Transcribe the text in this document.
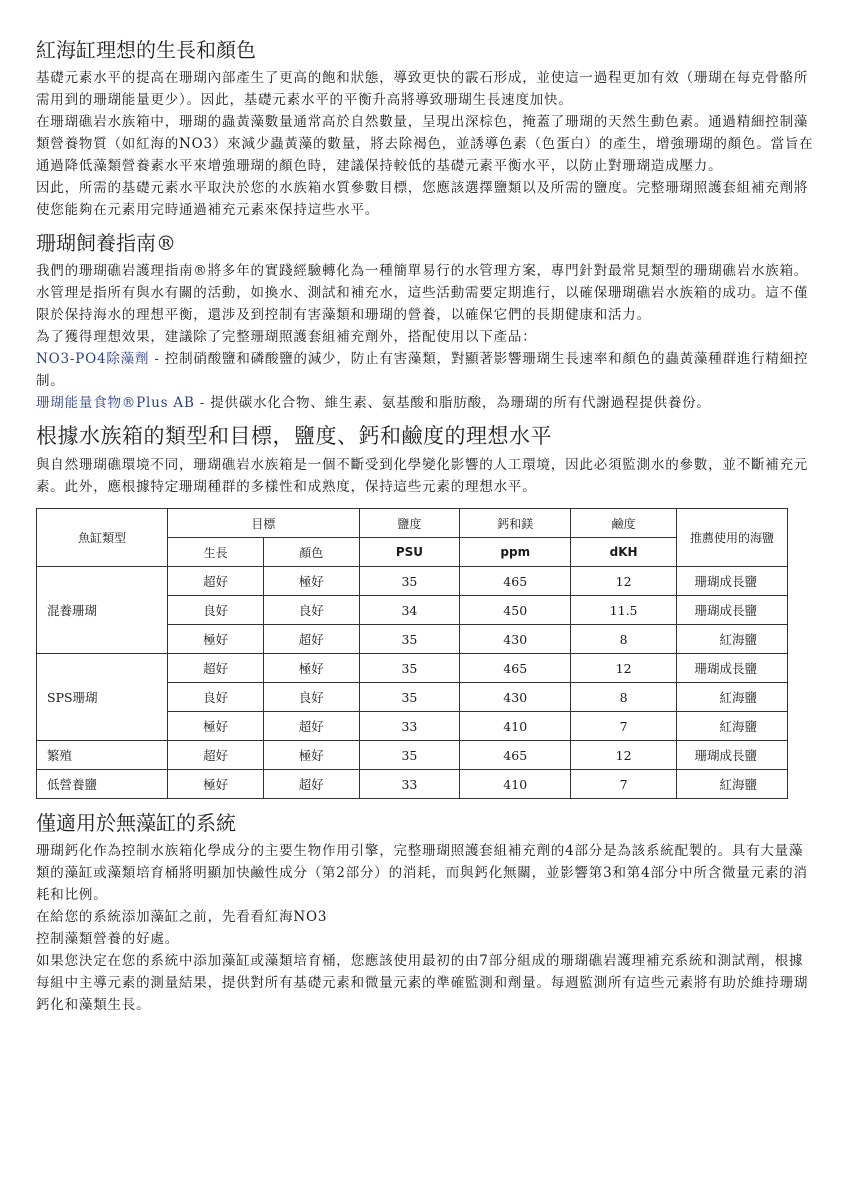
紅海缸理想的生長和顏色

基礎元素水平的提高在珊瑚內部產生了更高的飽和狀態，導致更快的霰石形成，並使這一過程更加有效（珊瑚在每克骨骼所需用到的珊瑚能量更少）。因此，基礎元素水平的平衡升高將導致珊瑚生長速度加快。

在珊瑚礁岩水族箱中，珊瑚的蟲黃藻數量通常高於自然數量，呈現出深棕色，掩蓋了珊瑚的天然生動色素。通過精細控制藻類營養物質（如紅海的NO3）來減少蟲黃藻的數量，將去除褐色，並誘導色素（色蛋白）的產生，增強珊瑚的顏色。當旨在通過降低藻類營養素水平來增強珊瑚的顏色時，建議保持較低的基礎元素平衡水平，以防止對珊瑚造成壓力。

因此，所需的基礎元素水平取決於您的水族箱水質參數目標，您應該選擇鹽類以及所需的鹽度。完整珊瑚照護套組補充劑將使您能夠在元素用完時通過補充元素來保持這些水平。

珊瑚飼養指南®

我們的珊瑚礁岩護理指南®將多年的實踐經驗轉化為一種簡單易行的水管理方案，專門針對最常見類型的珊瑚礁岩水族箱。水管理是指所有與水有關的活動，如換水、測試和補充水，這些活動需要定期進行，以確保珊瑚礁岩水族箱的成功。這不僅限於保持海水的理想平衡，還涉及到控制有害藻類和珊瑚的營養，以確保它們的長期健康和活力。

為了獲得理想效果，建議除了完整珊瑚照護套組補充劑外，搭配使用以下產品：

NO3-PO4除藻劑 - 控制硝酸鹽和磷酸鹽的減少，防止有害藻類，對顯著影響珊瑚生長速率和顏色的蟲黃藻種群進行精細控制。

珊瑚能量食物®Plus AB - 提供碳水化合物、維生素、氨基酸和脂肪酸，為珊瑚的所有代謝過程提供養份。

根據水族箱的類型和目標，鹽度、鈣和鹼度的理想水平

與自然珊瑚礁環境不同，珊瑚礁岩水族箱是一個不斷受到化學變化影響的人工環境，因此必須監測水的參數，並不斷補充元素。此外，應根據特定珊瑚種群的多樣性和成熟度，保持這些元素的理想水平。

魚缸類型	目標		鹽度	鈣和鎂	鹼度	推薦使用的海鹽
	生長	顏色	PSU	ppm	dKH	
混養珊瑚	超好	極好	35	465	12	珊瑚成長鹽
	良好	良好	34	450	11.5	珊瑚成長鹽
	極好	超好	35	430	8	紅海鹽
SPS珊瑚	超好	極好	35	465	12	珊瑚成長鹽
	良好	良好	35	430	8	紅海鹽
	極好	超好	33	410	7	紅海鹽
繁殖	超好	極好	35	465	12	珊瑚成長鹽
低營養鹽	極好	超好	33	410	7	紅海鹽
僅適用於無藻缸的系統

珊瑚鈣化作為控制水族箱化學成分的主要生物作用引擎，完整珊瑚照護套組補充劑的4部分是為該系統配製的。具有大量藻類的藻缸或藻類培育桶將明顯加快鹼性成分（第2部分）的消耗，而與鈣化無關，並影響第3和第4部分中所含微量元素的消耗和比例。

在給您的系統添加藻缸之前，先看看紅海NO3

控制藻類營養的好處。

如果您決定在您的系統中添加藻缸或藻類培育桶，您應該使用最初的由7部分組成的珊瑚礁岩護理補充系統和測試劑，根據每組中主導元素的測量結果，提供對所有基礎元素和微量元素的準確監測和劑量。每週監測所有這些元素將有助於維持珊瑚鈣化和藻類生長。
